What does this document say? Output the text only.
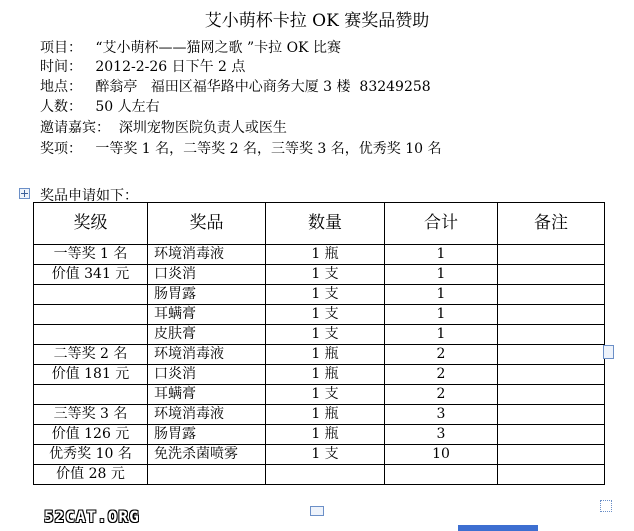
艾小萌杯卡拉 OK 赛奖品赞助
项目：   “艾小萌杯——猫网之歌 ”卡拉 OK 比赛
时间：   2012-2-26 日下午 2 点
地点：   醉翁亭   福田区福华路中心商务大厦 3 楼  83249258
人数：   50 人左右
邀请嘉宾：  深圳宠物医院负责人或医生
奖项：   一等奖 1 名，二等奖 2 名，三等奖 3 名，优秀奖 10 名
奖品申请如下：
奖级	奖品	数量	合计	备注
一等奖 1 名	环境消毒液	1 瓶	1	
价值 341 元	口炎消	1 支	1	
	肠胃露	1 支	1	
	耳螨膏	1 支	1	
	皮肤膏	1 支	1	
二等奖 2 名	环境消毒液	1 瓶	2	
价值 181 元	口炎消	1 瓶	2	
	耳螨膏	1 支	2	
三等奖 3 名	环境消毒液	1 瓶	3	
价值 126 元	肠胃露	1 瓶	3	
优秀奖 10 名	免洗杀菌喷雾	1 支	10	
价值 28 元				
52CAT.ORG
